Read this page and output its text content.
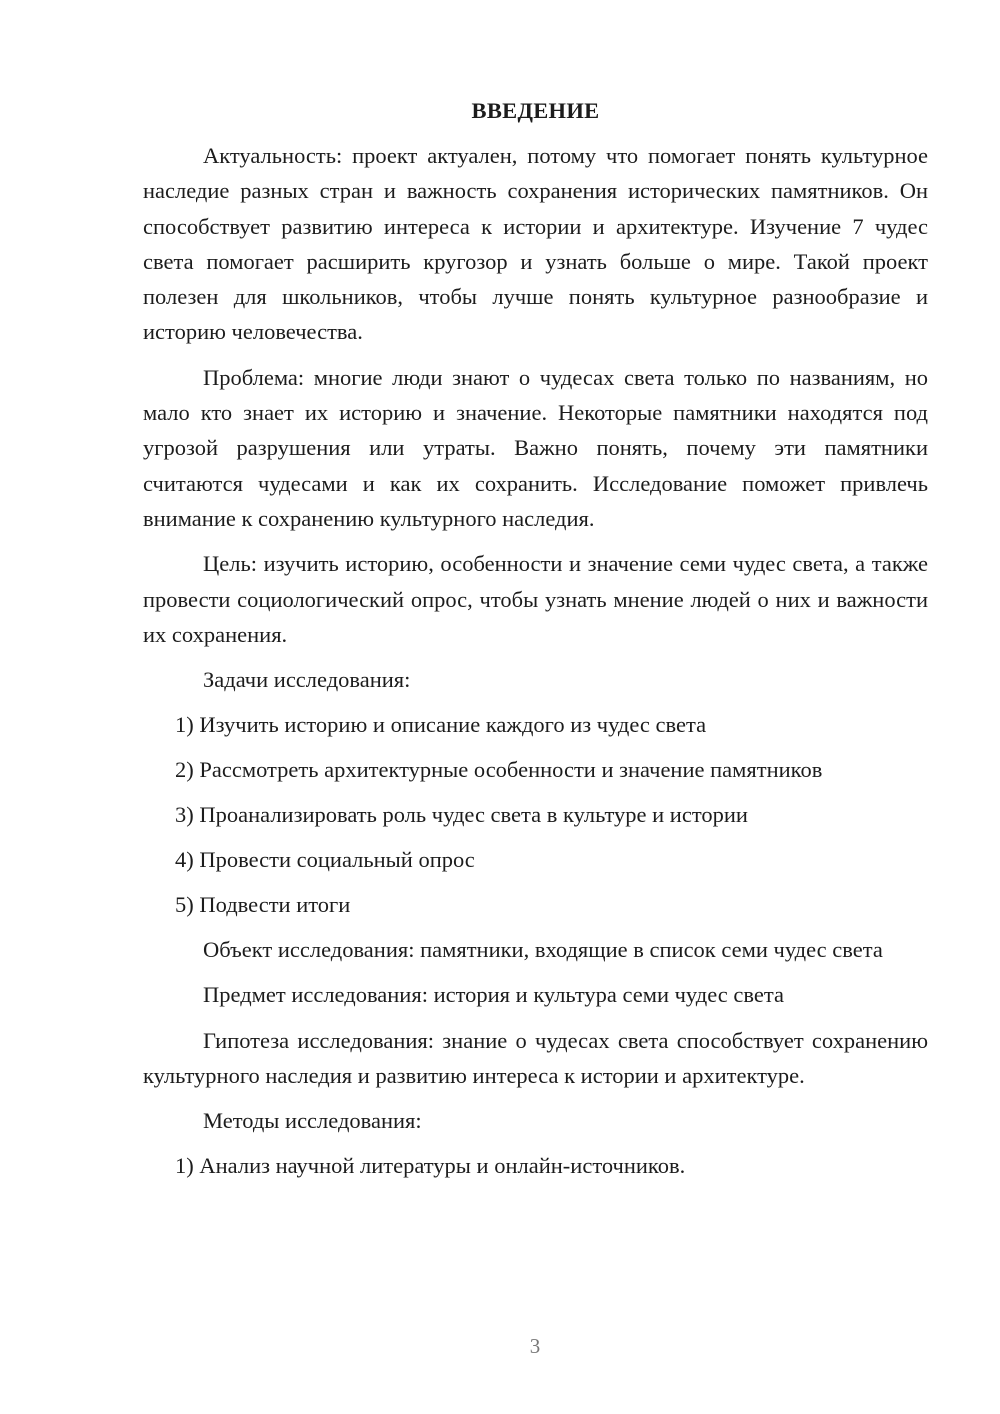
ВВЕДЕНИЕ

Актуальность: проект актуален, потому что помогает понять культурное наследие разных стран и важность сохранения исторических памятников. Он способствует развитию интереса к истории и архитектуре. Изучение 7 чудес света помогает расширить кругозор и узнать больше о мире. Такой проект полезен для школьников, чтобы лучше понять культурное разнообразие и историю человечества.

Проблема: многие люди знают о чудесах света только по названиям, но мало кто знает их историю и значение. Некоторые памятники находятся под угрозой разрушения или утраты. Важно понять, почему эти памятники считаются чудесами и как их сохранить. Исследование поможет привлечь внимание к сохранению культурного наследия.

Цель: изучить историю, особенности и значение семи чудес света, а также провести социологический опрос, чтобы узнать мнение людей о них и важности их сохранения.

Задачи исследования:

1) Изучить историю и описание каждого из чудес света

2) Рассмотреть архитектурные особенности и значение памятников

3) Проанализировать роль чудес света в культуре и истории

4) Провести социальный опрос

5) Подвести итоги

Объект исследования: памятники, входящие в список семи чудес света

Предмет исследования: история и культура семи чудес света

Гипотеза исследования: знание о чудесах света способствует сохранению культурного наследия и развитию интереса к истории и архитектуре.

Методы исследования:

1) Анализ научной литературы и онлайн-источников.

3
